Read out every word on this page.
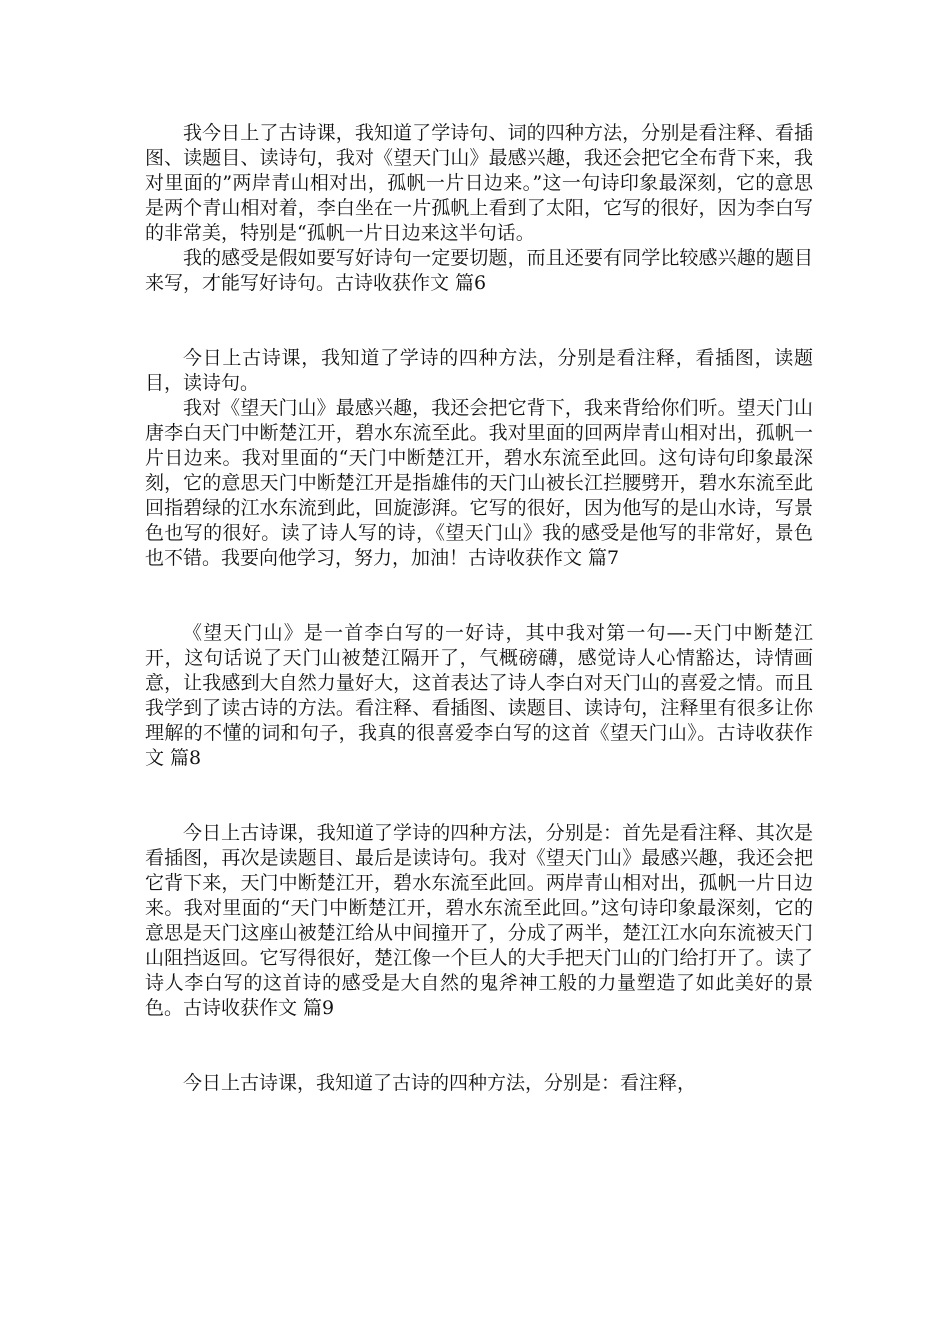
我今日上了古诗课，我知道了学诗句、词的四种方法，分别是看注释、看插图、读题目、读诗句，我对《望天门山》最感兴趣，我还会把它全布背下来，我对里面的”两岸青山相对出，孤帆一片日边来。”这一句诗印象最深刻，它的意思是两个青山相对着，李白坐在一片孤帆上看到了太阳，它写的很好，因为李白写的非常美，特别是“孤帆一片日边来这半句话。

我的感受是假如要写好诗句一定要切题，而且还要有同学比较感兴趣的题目来写，才能写好诗句。古诗收获作文 篇6

今日上古诗课，我知道了学诗的四种方法，分别是看注释，看插图，读题目，读诗句。

我对《望天门山》最感兴趣，我还会把它背下，我来背给你们听。望天门山唐李白天门中断楚江开，碧水东流至此。我对里面的回两岸青山相对出，孤帆一片日边来。我对里面的“天门中断楚江开，碧水东流至此回。这句诗句印象最深刻，它的意思天门中断楚江开是指雄伟的天门山被长江拦腰劈开，碧水东流至此回指碧绿的江水东流到此，回旋澎湃。它写的很好，因为他写的是山水诗，写景色也写的很好。读了诗人写的诗，《望天门山》我的感受是他写的非常好，景色也不错。我要向他学习，努力，加油！古诗收获作文 篇7

《望天门山》是一首李白写的一好诗，其中我对第一句—-天门中断楚江开，这句话说了天门山被楚江隔开了，气概磅礴，感觉诗人心情豁达，诗情画意，让我感到大自然力量好大，这首表达了诗人李白对天门山的喜爱之情。而且我学到了读古诗的方法。看注释、看插图、读题目、读诗句，注释里有很多让你理解的不懂的词和句子，我真的很喜爱李白写的这首《望天门山》。古诗收获作文 篇8

今日上古诗课，我知道了学诗的四种方法，分别是：首先是看注释、其次是看插图，再次是读题目、最后是读诗句。我对《望天门山》最感兴趣，我还会把它背下来，天门中断楚江开，碧水东流至此回。两岸青山相对出，孤帆一片日边来。我对里面的“天门中断楚江开，碧水东流至此回。”这句诗印象最深刻，它的意思是天门这座山被楚江给从中间撞开了，分成了两半，楚江江水向东流被天门山阻挡返回。它写得很好，楚江像一个巨人的大手把天门山的门给打开了。读了诗人李白写的这首诗的感受是大自然的鬼斧神工般的力量塑造了如此美好的景色。古诗收获作文 篇9

今日上古诗课，我知道了古诗的四种方法，分别是：看注释，
